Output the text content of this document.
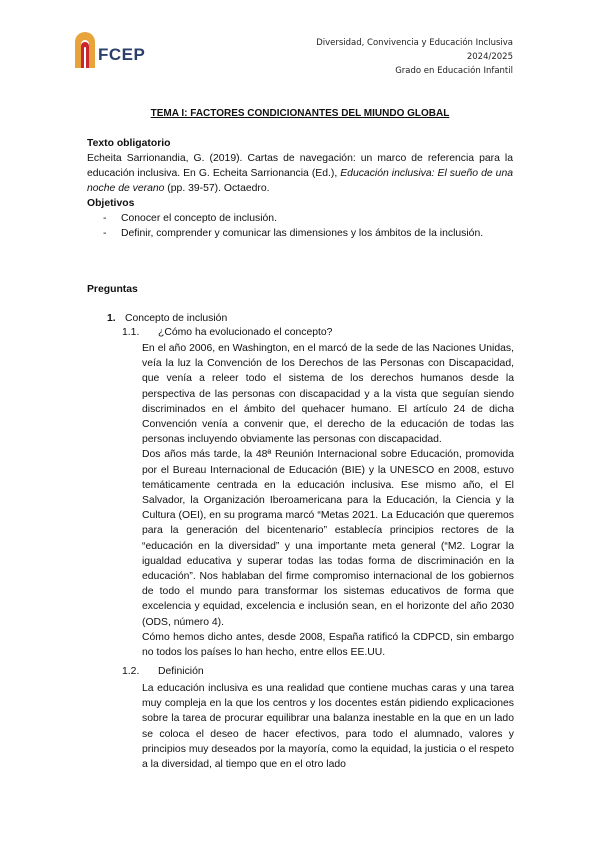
FCEP
Diversidad, Convivencia y Educación Inclusiva
2024/2025
Grado en Educación Infantil
TEMA I: FACTORES CONDICIONANTES DEL MIUNDO GLOBAL

Texto obligatorio

Echeita Sarrionandia, G. (2019). Cartas de navegación: un marco de referencia para la educación inclusiva. En G. Echeita Sarrionancia (Ed.), Educación inclusiva: El sueño de una noche de verano (pp. 39-57). Octaedro.

Objetivos

- Conocer el concepto de inclusión.
- Definir, comprender y comunicar las dimensiones y los ámbitos de la inclusión.
Preguntas
1. Concepto de inclusión
1.1. ¿Cómo ha evolucionado el concepto?

En el año 2006, en Washington, en el marcó de la sede de las Naciones Unidas, veía la luz la Convención de los Derechos de las Personas con Discapacidad, que venía a releer todo el sistema de los derechos humanos desde la perspectiva de las personas con discapacidad y a la vista que seguían siendo discriminados en el ámbito del quehacer humano. El artículo 24 de dicha Convención venía a convenir que, el derecho de la educación de todas las personas incluyendo obviamente las personas con discapacidad.

Dos años más tarde, la 48ª Reunión Internacional sobre Educación, promovida por el Bureau Internacional de Educación (BIE) y la UNESCO en 2008, estuvo temáticamente centrada en la educación inclusiva. Ese mismo año, el El Salvador, la Organización Iberoamericana para la Educación, la Ciencia y la Cultura (OEI), en su programa marcó “Metas 2021. La Educación que queremos para la generación del bicentenario” establecía principios rectores de la “educación en la diversidad” y una importante meta general (“M2. Lograr la igualdad educativa y superar todas las todas forma de discriminación en la educación”. Nos hablaban del firme compromiso internacional de los gobiernos de todo el mundo para transformar los sistemas educativos de forma que excelencia y equidad, excelencia e inclusión sean, en el horizonte del año 2030 (ODS, número 4).

Cómo hemos dicho antes, desde 2008, España ratificó la CDPCD, sin embargo no todos los países lo han hecho, entre ellos EE.UU.

1.2. Definición

La educación inclusiva es una realidad que contiene muchas caras y una tarea muy compleja en la que los centros y los docentes están pidiendo explicaciones sobre la tarea de procurar equilibrar una balanza inestable en la que en un lado se coloca el deseo de hacer efectivos, para todo el alumnado, valores y principios muy deseados por la mayoría, como la equidad, la justicia o el respeto a la diversidad, al tiempo que en el otro lado
